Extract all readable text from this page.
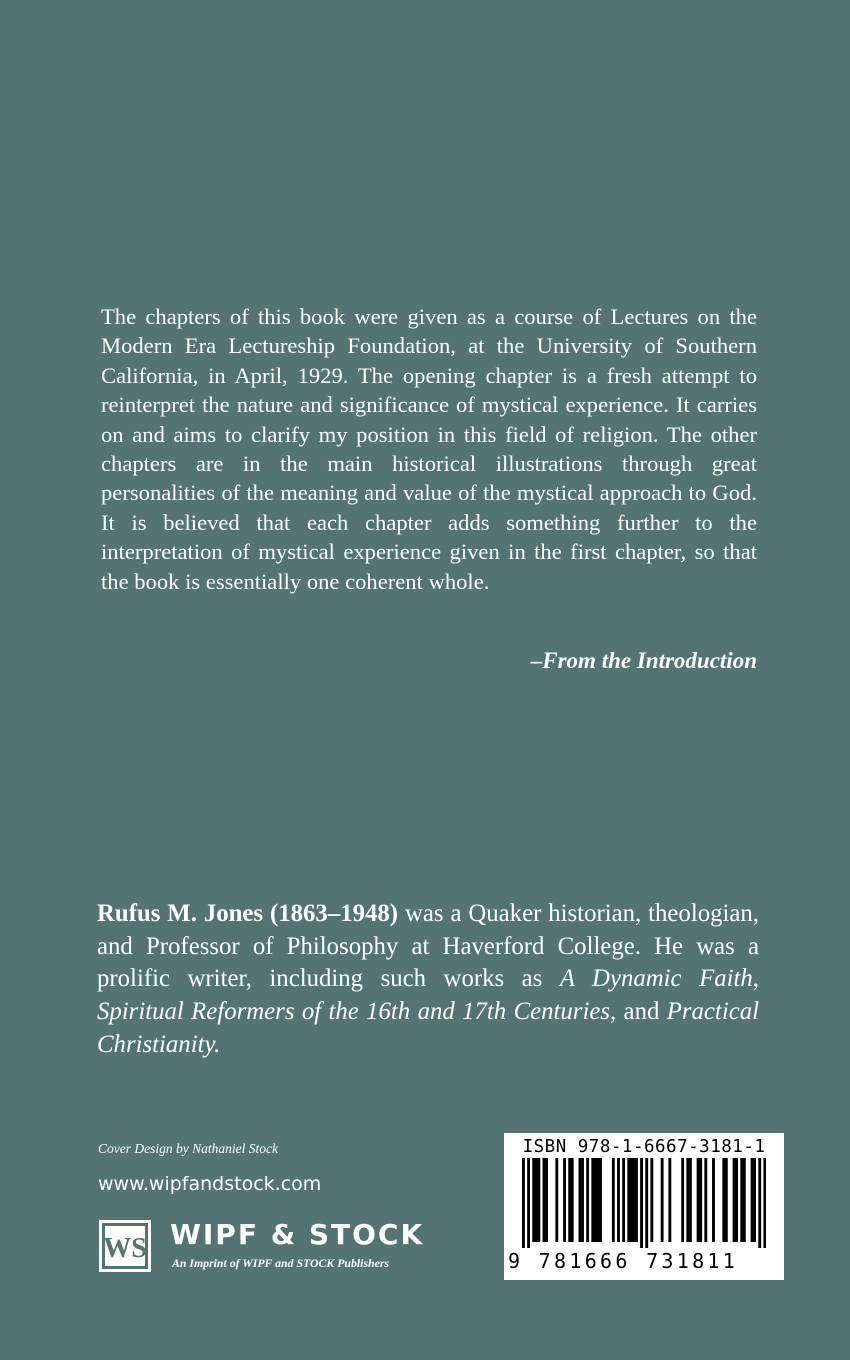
The chapters of this book were given as a course of Lectures on the Modern Era Lectureship Foundation, at the University of Southern California, in April, 1929. The opening chapter is a fresh attempt to reinterpret the nature and significance of mystical experience. It carries on and aims to clarify my position in this field of religion. The other chapters are in the main historical illustrations through great personalities of the meaning and value of the mystical approach to God. It is believed that each chapter adds something further to the interpretation of mystical experience given in the first chapter, so that the book is essentially one coherent whole.

–From the Introduction

Rufus M. Jones (1863–1948) was a Quaker historian, theologian, and Professor of Philosophy at Haverford College. He was a prolific writer, including such works as A Dynamic Faith, Spiritual Reformers of the 16th and 17th Centuries, and Practical Christianity.

Cover Design by Nathaniel Stock
www.wipfandstock.com
WS WIPF & STOCK
An Imprint of WIPF and STOCK Publishers
ISBN 978-1-6667-3181-1
9 781666 731811
